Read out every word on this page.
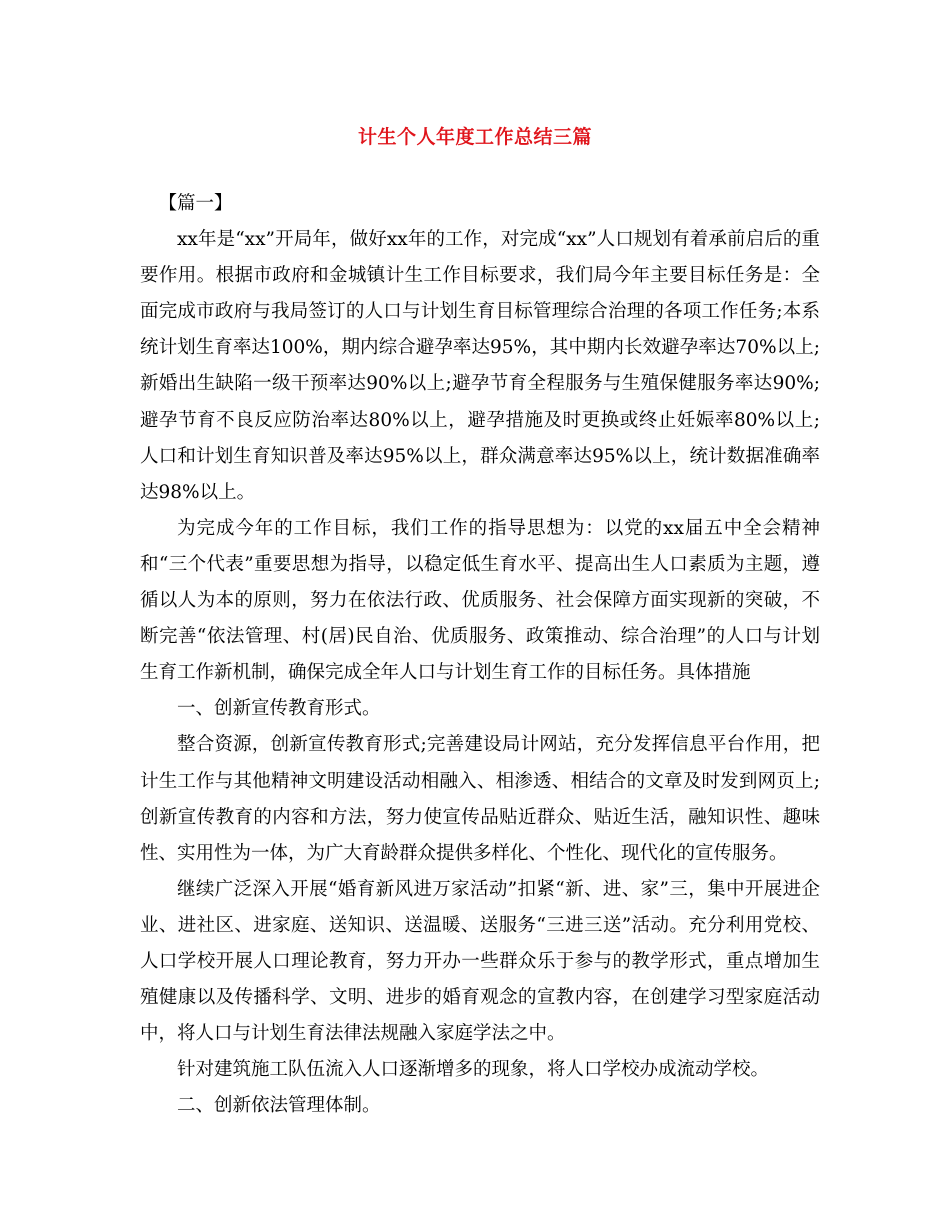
计生个人年度工作总结三篇

【篇一】

xx年是“xx”开局年，做好xx年的工作，对完成“xx”人口规划有着承前启后的重要作用。根据市政府和金城镇计生工作目标要求，我们局今年主要目标任务是：全面完成市政府与我局签订的人口与计划生育目标管理综合治理的各项工作任务;本系统计划生育率达100%，期内综合避孕率达95%，其中期内长效避孕率达70%以上;新婚出生缺陷一级干预率达90%以上;避孕节育全程服务与生殖保健服务率达90%;避孕节育不良反应防治率达80%以上，避孕措施及时更换或终止妊娠率80%以上;人口和计划生育知识普及率达95%以上，群众满意率达95%以上，统计数据准确率达98%以上。

为完成今年的工作目标，我们工作的指导思想为：以党的xx届五中全会精神和“三个代表”重要思想为指导，以稳定低生育水平、提高出生人口素质为主题，遵循以人为本的原则，努力在依法行政、优质服务、社会保障方面实现新的突破，不断完善“依法管理、村(居)民自治、优质服务、政策推动、综合治理”的人口与计划生育工作新机制，确保完成全年人口与计划生育工作的目标任务。具体措施

一、创新宣传教育形式。

整合资源，创新宣传教育形式;完善建设局计网站，充分发挥信息平台作用，把计生工作与其他精神文明建设活动相融入、相渗透、相结合的文章及时发到网页上;创新宣传教育的内容和方法，努力使宣传品贴近群众、贴近生活，融知识性、趣味性、实用性为一体，为广大育龄群众提供多样化、个性化、现代化的宣传服务。

继续广泛深入开展“婚育新风进万家活动”扣紧“新、进、家”三，集中开展进企业、进社区、进家庭、送知识、送温暖、送服务“三进三送”活动。充分利用党校、人口学校开展人口理论教育，努力开办一些群众乐于参与的教学形式，重点增加生殖健康以及传播科学、文明、进步的婚育观念的宣教内容，在创建学习型家庭活动中，将人口与计划生育法律法规融入家庭学法之中。

针对建筑施工队伍流入人口逐渐增多的现象，将人口学校办成流动学校。

二、创新依法管理体制。
